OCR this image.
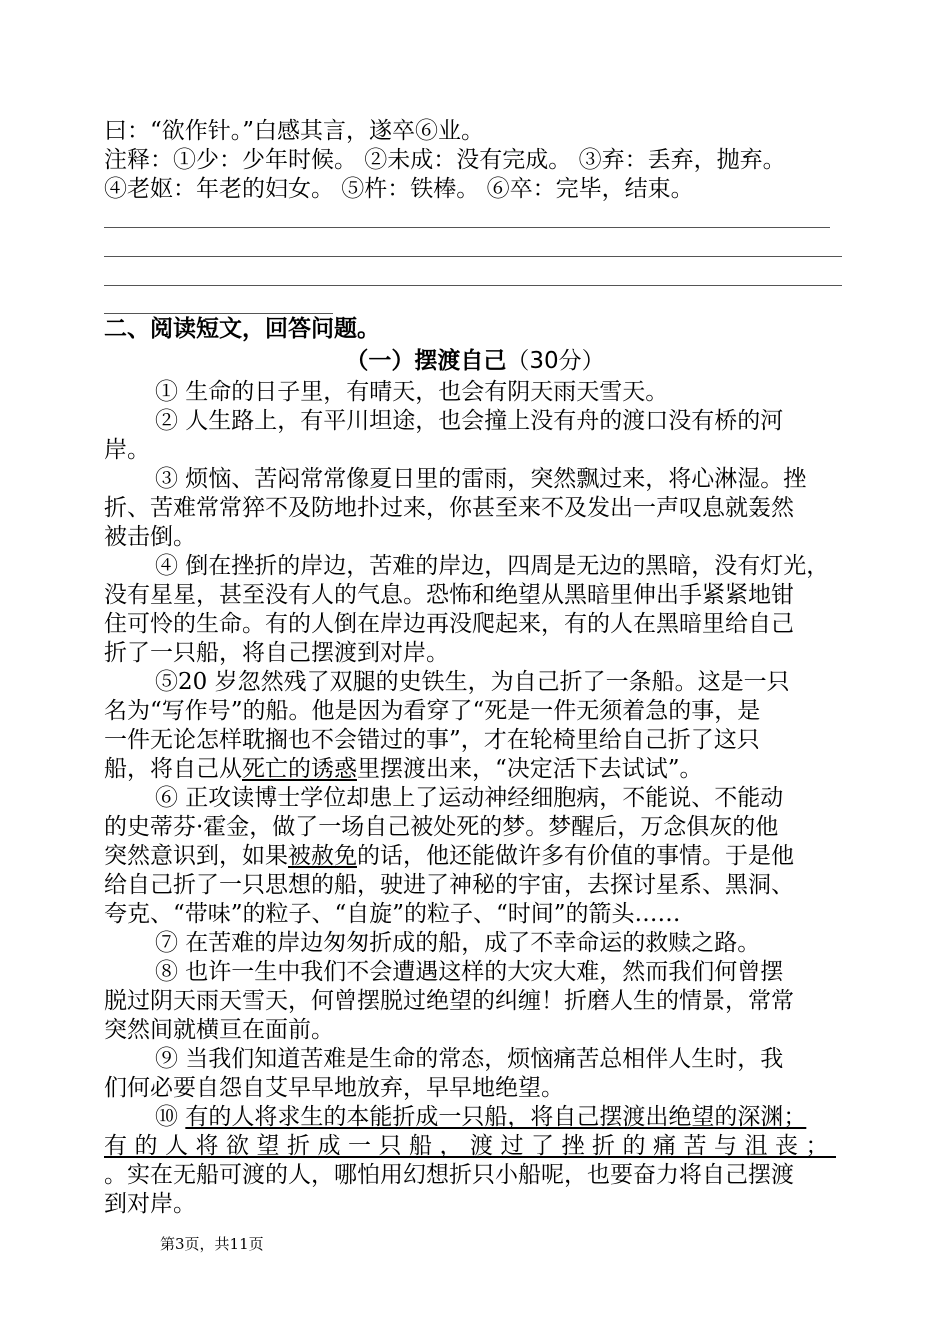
曰：“欲作针。”白感其言，遂卒⑥业。
注释：①少：少年时候。 ②未成：没有完成。 ③弃：丢弃，抛弃。
④老妪：年老的妇女。 ⑤杵：铁棒。 ⑥卒：完毕，结束。
二、阅读短文，回答问题。
（一）摆渡自己（30分）
① 生命的日子里，有晴天，也会有阴天雨天雪天。
② 人生路上，有平川坦途，也会撞上没有舟的渡口没有桥的河
岸。
③ 烦恼、苦闷常常像夏日里的雷雨，突然飘过来，将心淋湿。挫
折、苦难常常猝不及防地扑过来，你甚至来不及发出一声叹息就轰然
被击倒。
④ 倒在挫折的岸边，苦难的岸边，四周是无边的黑暗，没有灯光，
没有星星，甚至没有人的气息。恐怖和绝望从黑暗里伸出手紧紧地钳
住可怜的生命。有的人倒在岸边再没爬起来，有的人在黑暗里给自己
折了一只船，将自己摆渡到对岸。
⑤20 岁忽然残了双腿的史铁生，为自己折了一条船。这是一只
名为“写作号”的船。他是因为看穿了“死是一件无须着急的事，是
一件无论怎样耽搁也不会错过的事”，才在轮椅里给自己折了这只
船，将自己从死亡的诱惑里摆渡出来，“决定活下去试试”。
⑥ 正攻读博士学位却患上了运动神经细胞病，不能说、不能动
的史蒂芬·霍金，做了一场自己被处死的梦。梦醒后，万念俱灰的他
突然意识到，如果被赦免的话，他还能做许多有价值的事情。于是他
给自己折了一只思想的船，驶进了神秘的宇宙，去探讨星系、黑洞、
夸克、“带味”的粒子、“自旋”的粒子、“时间”的箭头……
⑦ 在苦难的岸边匆匆折成的船，成了不幸命运的救赎之路。
⑧ 也许一生中我们不会遭遇这样的大灾大难，然而我们何曾摆
脱过阴天雨天雪天，何曾摆脱过绝望的纠缠！折磨人生的情景，常常
突然间就横亘在面前。
⑨ 当我们知道苦难是生命的常态，烦恼痛苦总相伴人生时，我
们何必要自怨自艾早早地放弃，早早地绝望。
⑩ 有的人将求生的本能折成一只船，将自己摆渡出绝望的深渊；
有的人将欲望折成一只船，渡过了挫折的痛苦与沮丧；
。实在无船可渡的人，哪怕用幻想折只小船呢，也要奋力将自己摆渡
到对岸。
第3页，共11页
